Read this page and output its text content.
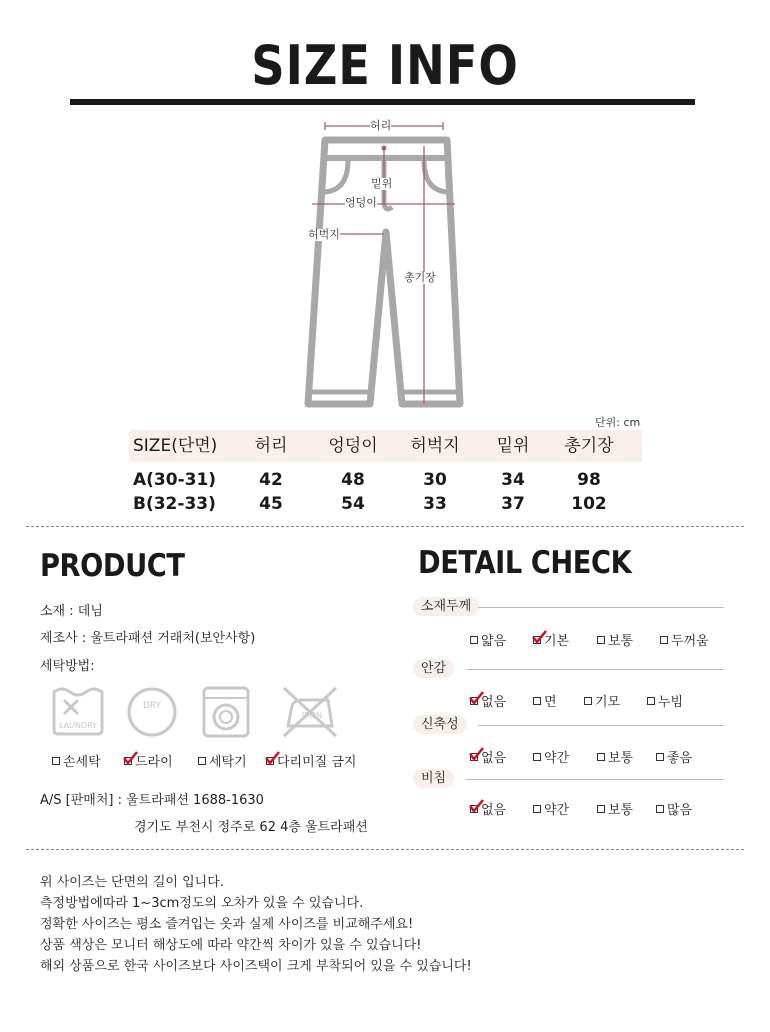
SIZE INFO
허리
밑위
엉덩이
허벅지
총기장
단위: cm
SIZE(단면)	허리	엉덩이	허벅지	밑위	총기장
A(30-31)	42	48	30	34	98
B(32-33)	45	54	33	37	102
PRODUCT
소재 : 데님
제조사 : 울트라패션 거래처(보안사항)
세탁방법:
LAUNDRY
DRY
IRON
손세탁	드라이	세탁기 다리미질 금지
A/S [판매처] : 울트라패션 1688-1630
경기도 부천시 정주로 62 4층 울트라패션
DETAIL CHECK
소재두께
얇음	기본	보통	두꺼움
안감
없음	면	기모	누빔
신축성
없음	약간	보통	좋음
비침
없음	약간	보통	많음
위 사이즈는 단면의 길이 입니다.
측정방법에따라 1~3cm정도의 오차가 있을 수 있습니다.
정확한 사이즈는 평소 즐겨입는 옷과 실제 사이즈를 비교해주세요!
상품 색상은 모니터 해상도에 따라 약간씩 차이가 있을 수 있습니다!
해외 상품으로 한국 사이즈보다 사이즈택이 크게 부착되어 있을 수 있습니다!
